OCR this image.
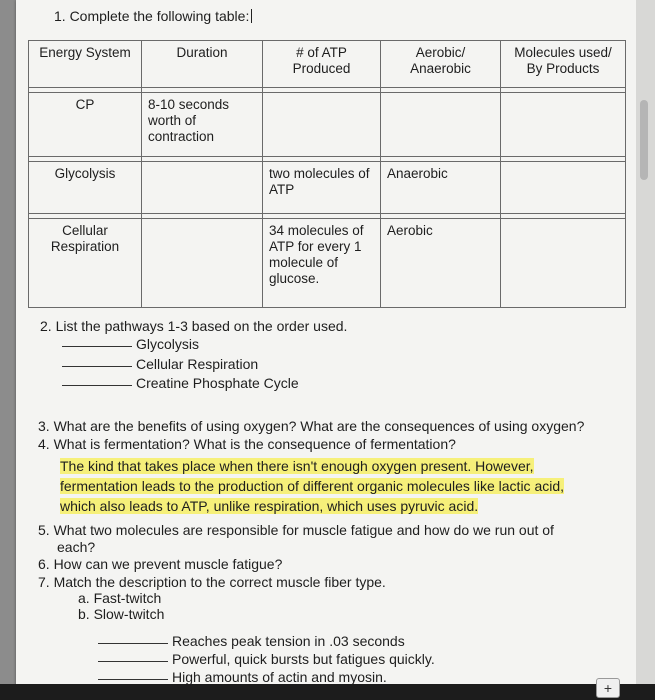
1. Complete the following table:
Energy System	Duration	# of ATP Produced	Aerobic/ Anaerobic	Molecules used/ By Products

CP	8-10 seconds worth of contraction			

Glycolysis		two molecules of ATP	Anaerobic	

Cellular Respiration		34 molecules of ATP for every 1 molecule of glucose.	Aerobic	
2. List the pathways 1-3 based on the order used.
Glycolysis
Cellular Respiration
Creatine Phosphate Cycle
3. What are the benefits of using oxygen? What are the consequences of using oxygen?
4. What is fermentation? What is the consequence of fermentation?
The kind that takes place when there isn't enough oxygen present. However, fermentation leads to the production of different organic molecules like lactic acid, which also leads to ATP, unlike respiration, which uses pyruvic acid.
5. What two molecules are responsible for muscle fatigue and how do we run out of
each?
6. How can we prevent muscle fatigue?
7. Match the description to the correct muscle fiber type.
a. Fast-twitch
b. Slow-twitch
Reaches peak tension in .03 seconds
Powerful, quick bursts but fatigues quickly.
High amounts of actin and myosin.
+
